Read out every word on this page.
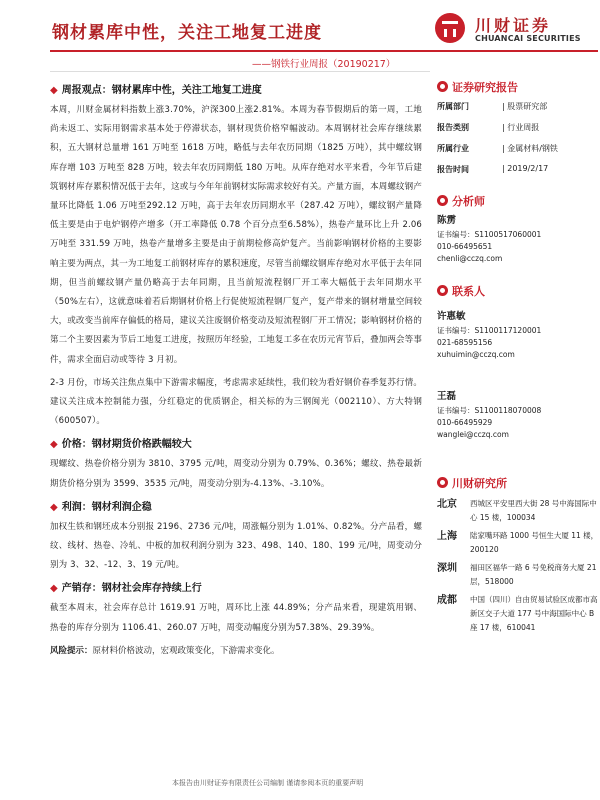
钢材累库中性，关注工地复工进度	川财证券
CHUANCAI SECURITIES
——钢铁行业周报（20190217）
◆ 周报观点：钢材累库中性，关注工地复工进度

本周，川财金属材料指数上涨3.70%，沪深300上涨2.81%。本周为春节假期后的第一周，工地尚未返工、实际用钢需求基本处于停滞状态，钢材现货价格窄幅波动。本周钢材社会库存继续累积，五大钢材总量增 161 万吨至 1618 万吨，略低与去年农历同期（1825 万吨），其中螺纹钢库存增 103 万吨至 828 万吨，较去年农历同期低 180 万吨。从库存绝对水平来看，今年节后建筑钢材库存累积情况低于去年，这或与今年年前钢材实际需求较好有关。产量方面，本周螺纹钢产量环比降低 1.06 万吨至292.12 万吨，高于去年农历同期水平（287.42 万吨），螺纹钢产量降低主要是由于电炉钢停产增多（开工率降低 0.78 个百分点至6.58%），热卷产量环比上升 2.06 万吨至 331.59 万吨，热卷产量增多主要是由于前期检修高炉复产。当前影响钢材价格的主要影响主要为两点，其一为工地复工前钢材库存的累积速度，尽管当前螺纹钢库存绝对水平低于去年同期，但当前螺纹钢产量仍略高于去年同期，且当前短流程钢厂开工率大幅低于去年同期水平（50%左右），这就意味着若后期钢材价格上行促使短流程钢厂复产，复产带来的钢材增量空间较大，或改变当前库存偏低的格局，建议关注废钢价格变动及短流程钢厂开工情况；影响钢材价格的第二个主要因素为节后工地复工进度，按照历年经验，工地复工多在农历元宵节后，叠加两会等事件，需求全面启动或等待 3 月初。

2-3 月份，市场关注焦点集中下游需求幅度，考虑需求延续性，我们较为看好钢价春季复苏行情。建议关注成本控制能力强，分红稳定的优质钢企，相关标的为三钢闽光（002110）、方大特钢（600507）。

◆ 价格：钢材期货价格跌幅较大

现螺纹、热卷价格分别为 3810、3795 元/吨，周变动分别为 0.79%、0.36%；螺纹、热卷最新期货价格分别为 3599、3535 元/吨，周变动分别为-4.13%、-3.10%。

◆ 利润：钢材利润企稳

加权生铁和钢坯成本分别报 2196、2736 元/吨，周涨幅分别为 1.01%、0.82%。分产品看，螺纹、线材、热卷、冷轧、中板的加权利润分别为 323、498、140、180、199 元/吨，周变动分别为 3、32、-12、3、19 元/吨。

◆ 产销存：钢材社会库存持续上行

截至本周末，社会库存总计 1619.91 万吨，周环比上涨 44.89%；分产品来看，现建筑用钢、热卷的库存分别为 1106.41、260.07 万吨，周变动幅度分别为57.38%、29.39%。

风险提示：原材料价格波动，宏观政策变化，下游需求变化。
证券研究报告
所属部门	| 股票研究部
报告类别	| 行业周报
所属行业	| 金属材料/钢铁
报告时间	| 2019/2/17
分析师
陈雳
证书编号：S1100517060001
010-66495651
chenli@cczq.com
联系人
许惠敏
证书编号：S1100117120001
021-68595156
xuhuimin@cczq.com
王磊
证书编号：S1100118070008
010-66495929
wanglei@cczq.com
川财研究所
北京	西城区平安里西大街 28 号中海国际中心 15 楼，100034
上海	陆家嘴环路 1000 号恒生大厦 11 楼，200120
深圳	福田区福华一路 6 号免税商务大厦 21 层，518000
成都	中国（四川）自由贸易试验区成都市高新区交子大道 177 号中海国际中心 B 座 17 楼，610041
本报告由川财证券有限责任公司编制 谨请参阅本页的重要声明
